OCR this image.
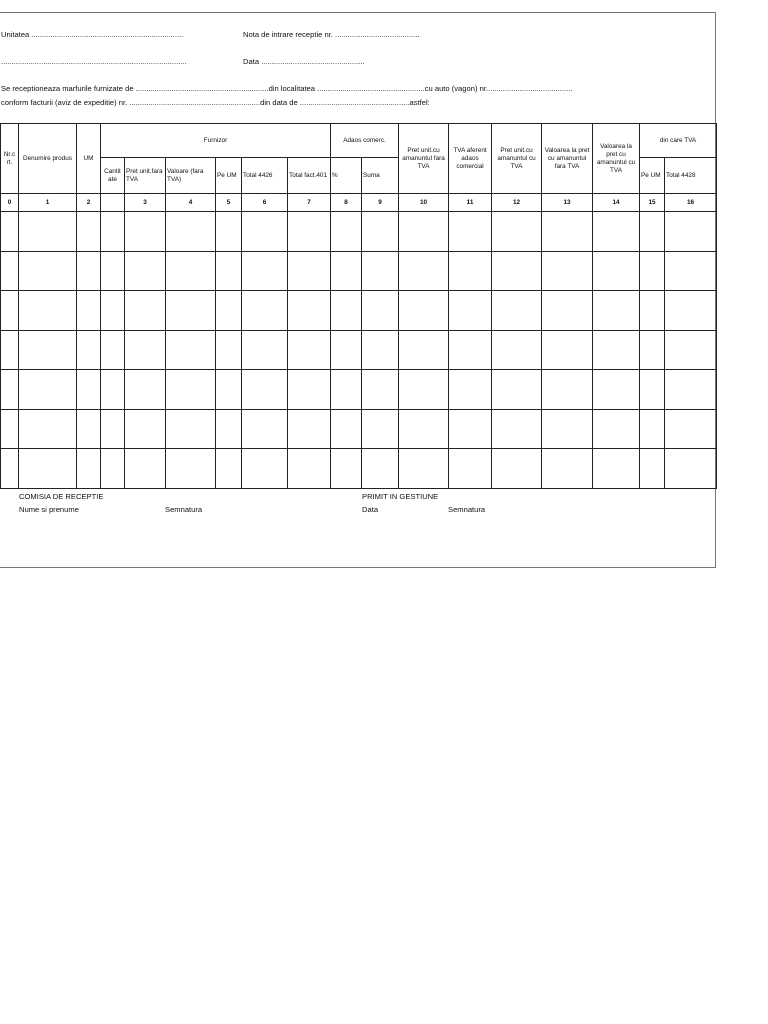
Unitatea ........................................................................	Nota de intrare receptie nr. ........................................
........................................................................................	Data .................................................
Se receptioneaza marfurile furnizate de ...............................................................din localitatea ...................................................cu auto (vagon) nr.........................................
conform facturii (aviz de expeditie) nr. ..............................................................din data de ....................................................astfel:
Nr.c rt.	Denumire produs	UM	Furnizor						Adaos comerc.		Pret unit.cu amanuntul fara TVA	TVA aferent adaos comercial	Pret unit.cu amanuntul cu TVA	Valoarea la pret cu amanuntul fara TVA	Valoarea la pret cu amanuntul cu TVA	din care TVA	
			Cantit ate	Pret unit.fara TVA	Valoare (fara TVA)	Pe UM	Total 4426	Total fact.401	%	Suma						Pe UM	Total 4428
0	1	2		3	4	5	6	7	8	9	10	11	12	13	14	15	16

COMISIA DE RECEPTIE
Nume si prenume	Semnatura
PRIMIT IN GESTIUNE
Data	Semnatura
